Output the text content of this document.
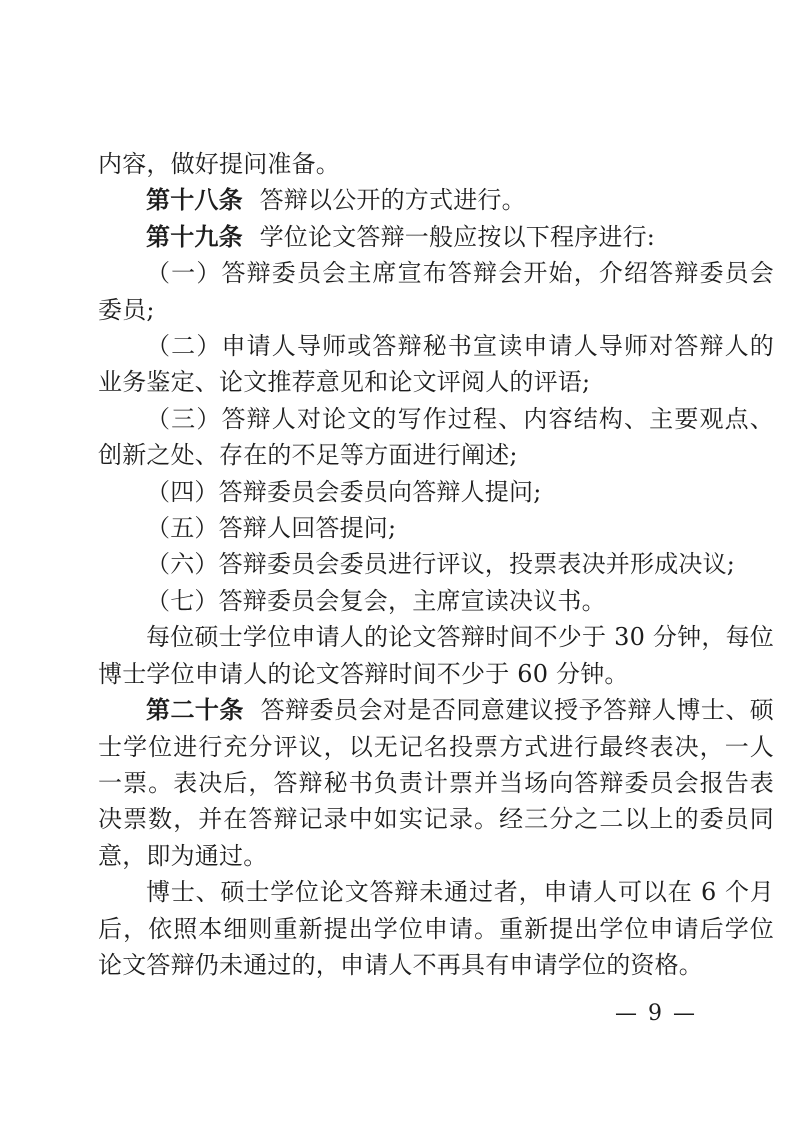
内容，做好提问准备。

第十八条 答辩以公开的方式进行。

第十九条 学位论文答辩一般应按以下程序进行:

（一）答辩委员会主席宣布答辩会开始，介绍答辩委员会委员;

（二）申请人导师或答辩秘书宣读申请人导师对答辩人的业务鉴定、论文推荐意见和论文评阅人的评语;

（三）答辩人对论文的写作过程、内容结构、主要观点、创新之处、存在的不足等方面进行阐述;

（四）答辩委员会委员向答辩人提问;

（五）答辩人回答提问;

（六）答辩委员会委员进行评议，投票表决并形成决议;

（七）答辩委员会复会，主席宣读决议书。

每位硕士学位申请人的论文答辩时间不少于 30 分钟，每位博士学位申请人的论文答辩时间不少于 60 分钟。

第二十条 答辩委员会对是否同意建议授予答辩人博士、硕士学位进行充分评议，以无记名投票方式进行最终表决，一人一票。表决后，答辩秘书负责计票并当场向答辩委员会报告表决票数，并在答辩记录中如实记录。经三分之二以上的委员同意，即为通过。

博士、硕士学位论文答辩未通过者，申请人可以在 6 个月后，依照本细则重新提出学位申请。重新提出学位申请后学位论文答辩仍未通过的，申请人不再具有申请学位的资格。

— 9 —
